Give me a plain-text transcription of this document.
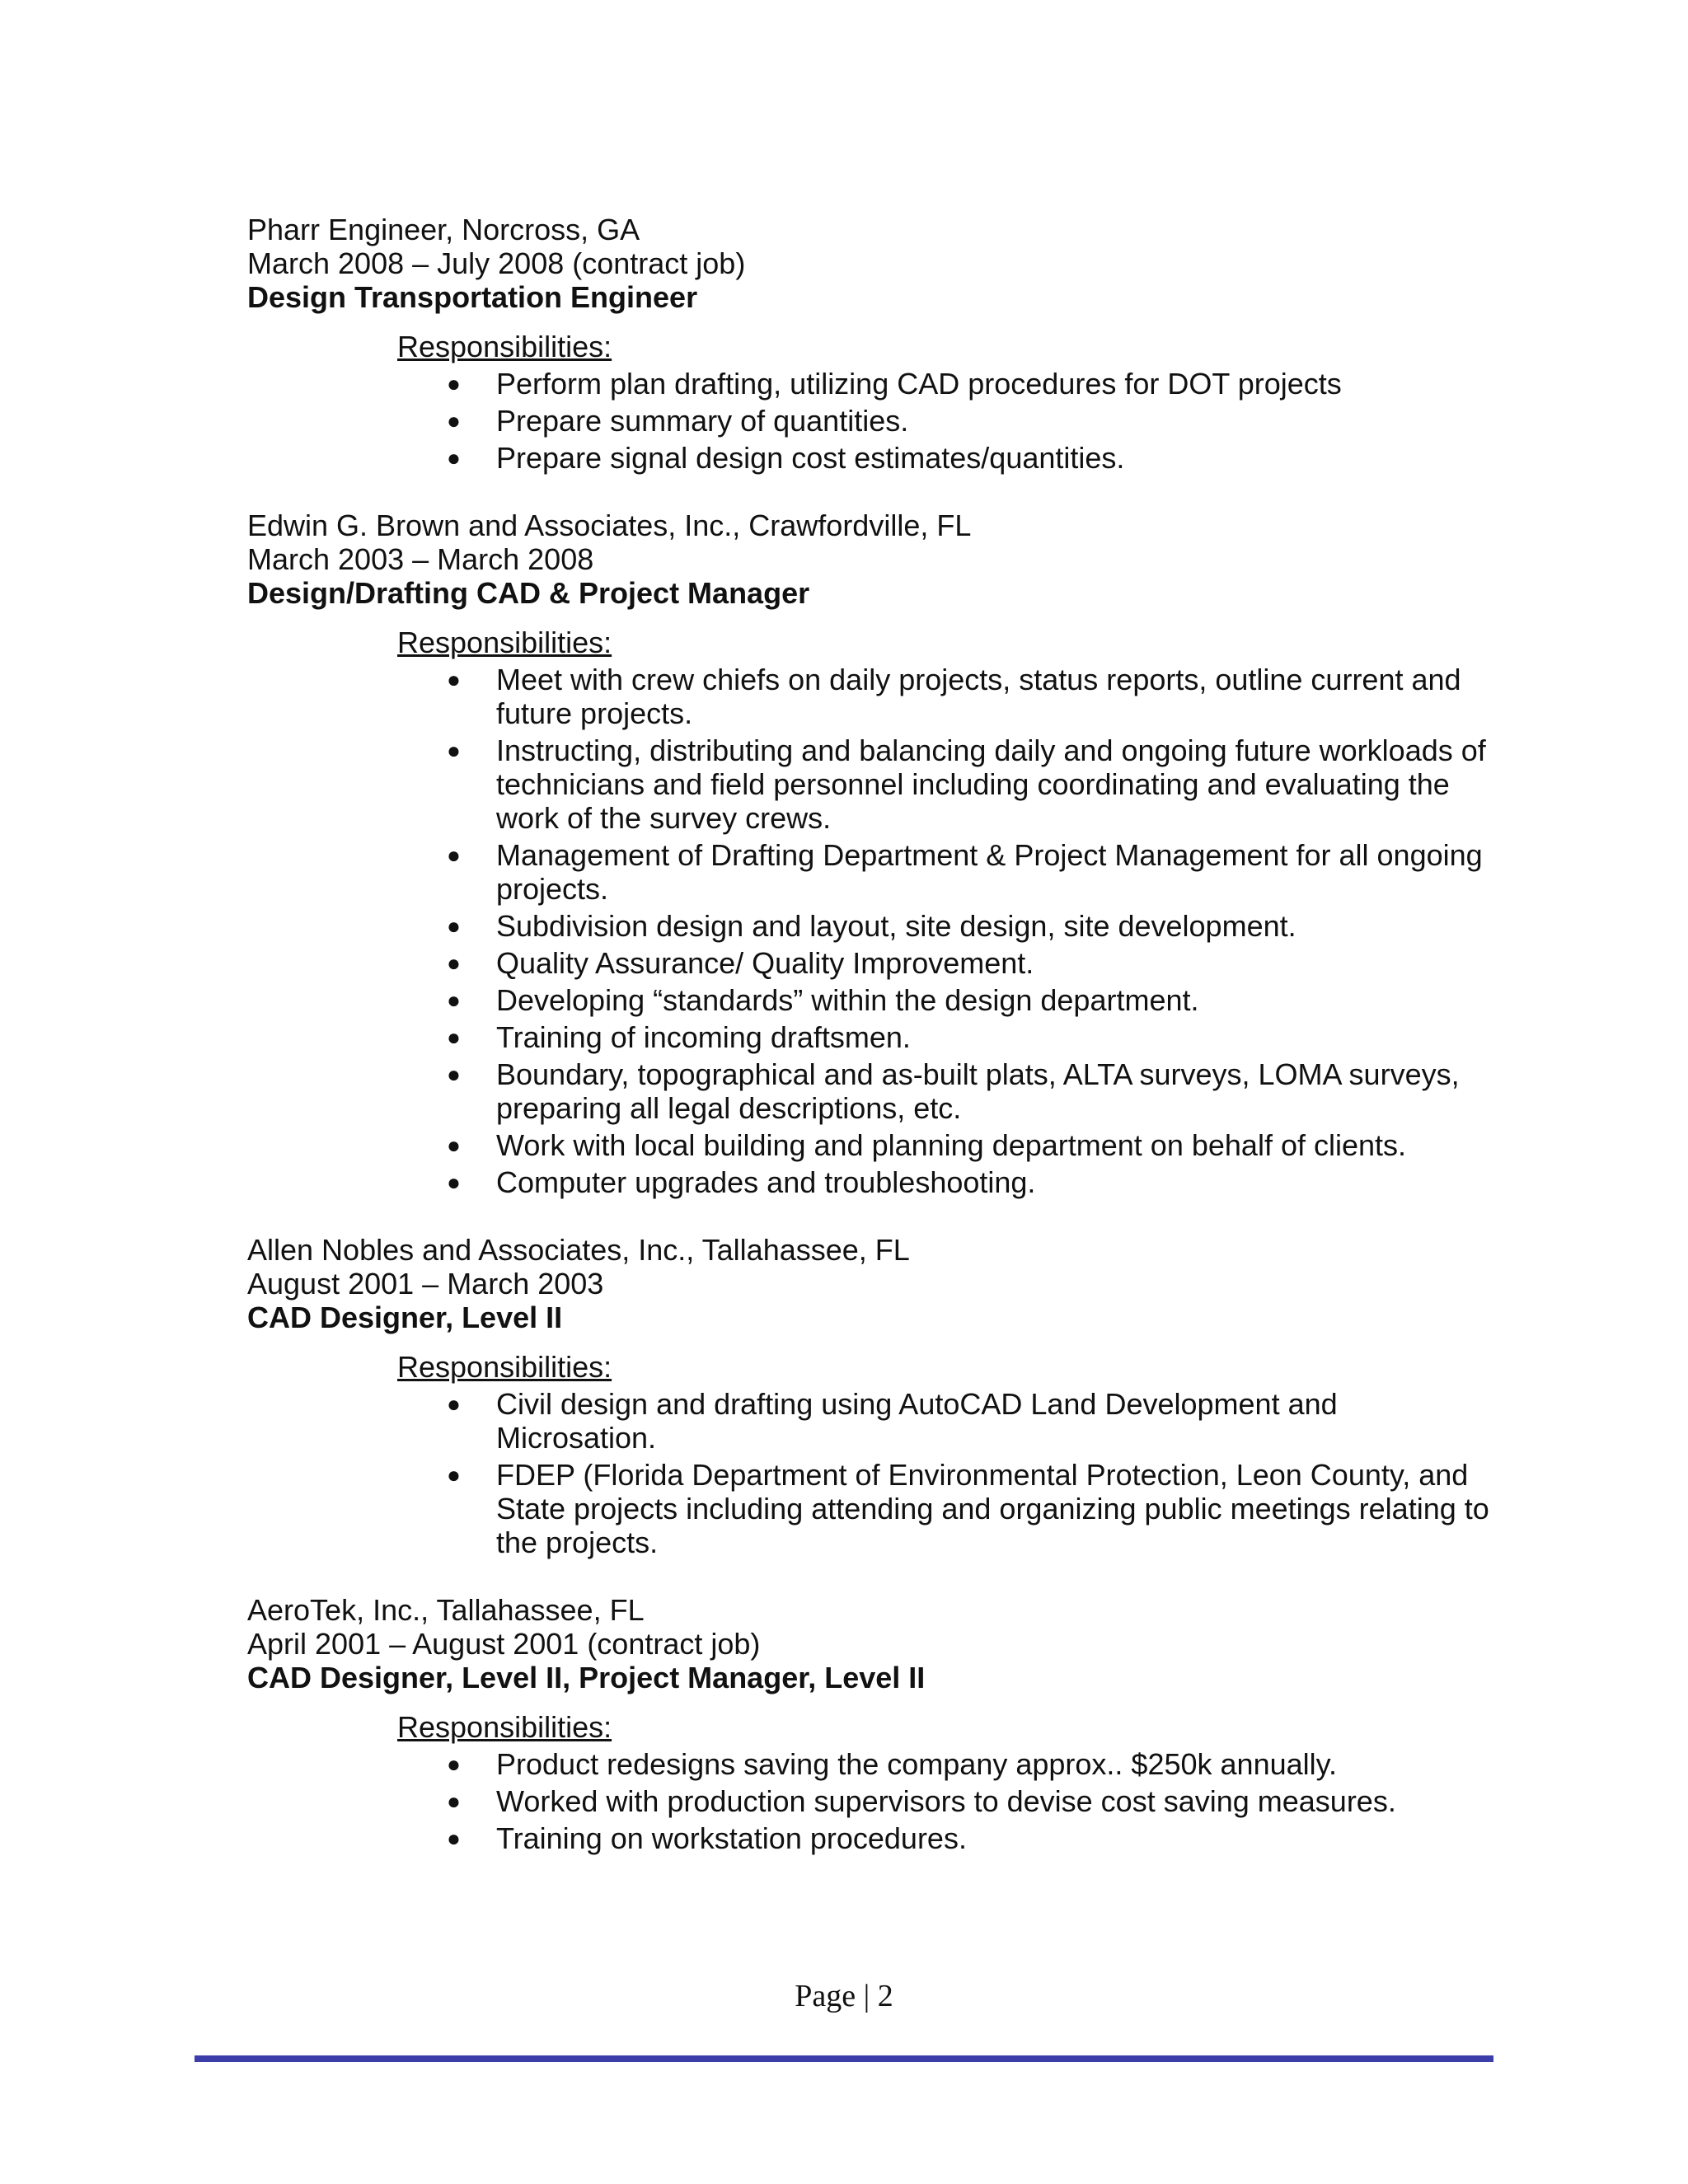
Pharr Engineer, Norcross, GA
March 2008 – July 2008 (contract job)
Design Transportation Engineer
Responsibilities:
● Perform plan drafting, utilizing CAD procedures for DOT projects
● Prepare summary of quantities.
● Prepare signal design cost estimates/quantities.
Edwin G. Brown and Associates, Inc., Crawfordville, FL
March 2003 – March 2008
Design/Drafting CAD & Project Manager
Responsibilities:
● Meet with crew chiefs on daily projects, status reports, outline current and future projects.
● Instructing, distributing and balancing daily and ongoing future workloads of technicians and field personnel including coordinating and evaluating the work of the survey crews.
● Management of Drafting Department & Project Management for all ongoing projects.
● Subdivision design and layout, site design, site development.
● Quality Assurance/ Quality Improvement.
● Developing “standards” within the design department.
● Training of incoming draftsmen.
● Boundary, topographical and as-built plats, ALTA surveys, LOMA surveys, preparing all legal descriptions, etc.
● Work with local building and planning department on behalf of clients.
● Computer upgrades and troubleshooting.
Allen Nobles and Associates, Inc., Tallahassee, FL
August 2001 – March 2003
CAD Designer, Level II
Responsibilities:
● Civil design and drafting using AutoCAD Land Development and Microsation.
● FDEP (Florida Department of Environmental Protection, Leon County, and State projects including attending and organizing public meetings relating to the projects.
AeroTek, Inc., Tallahassee, FL
April 2001 – August 2001 (contract job)
CAD Designer, Level II, Project Manager, Level II
Responsibilities:
● Product redesigns saving the company approx.. $250k annually.
● Worked with production supervisors to devise cost saving measures.
● Training on workstation procedures.
Page | 2
